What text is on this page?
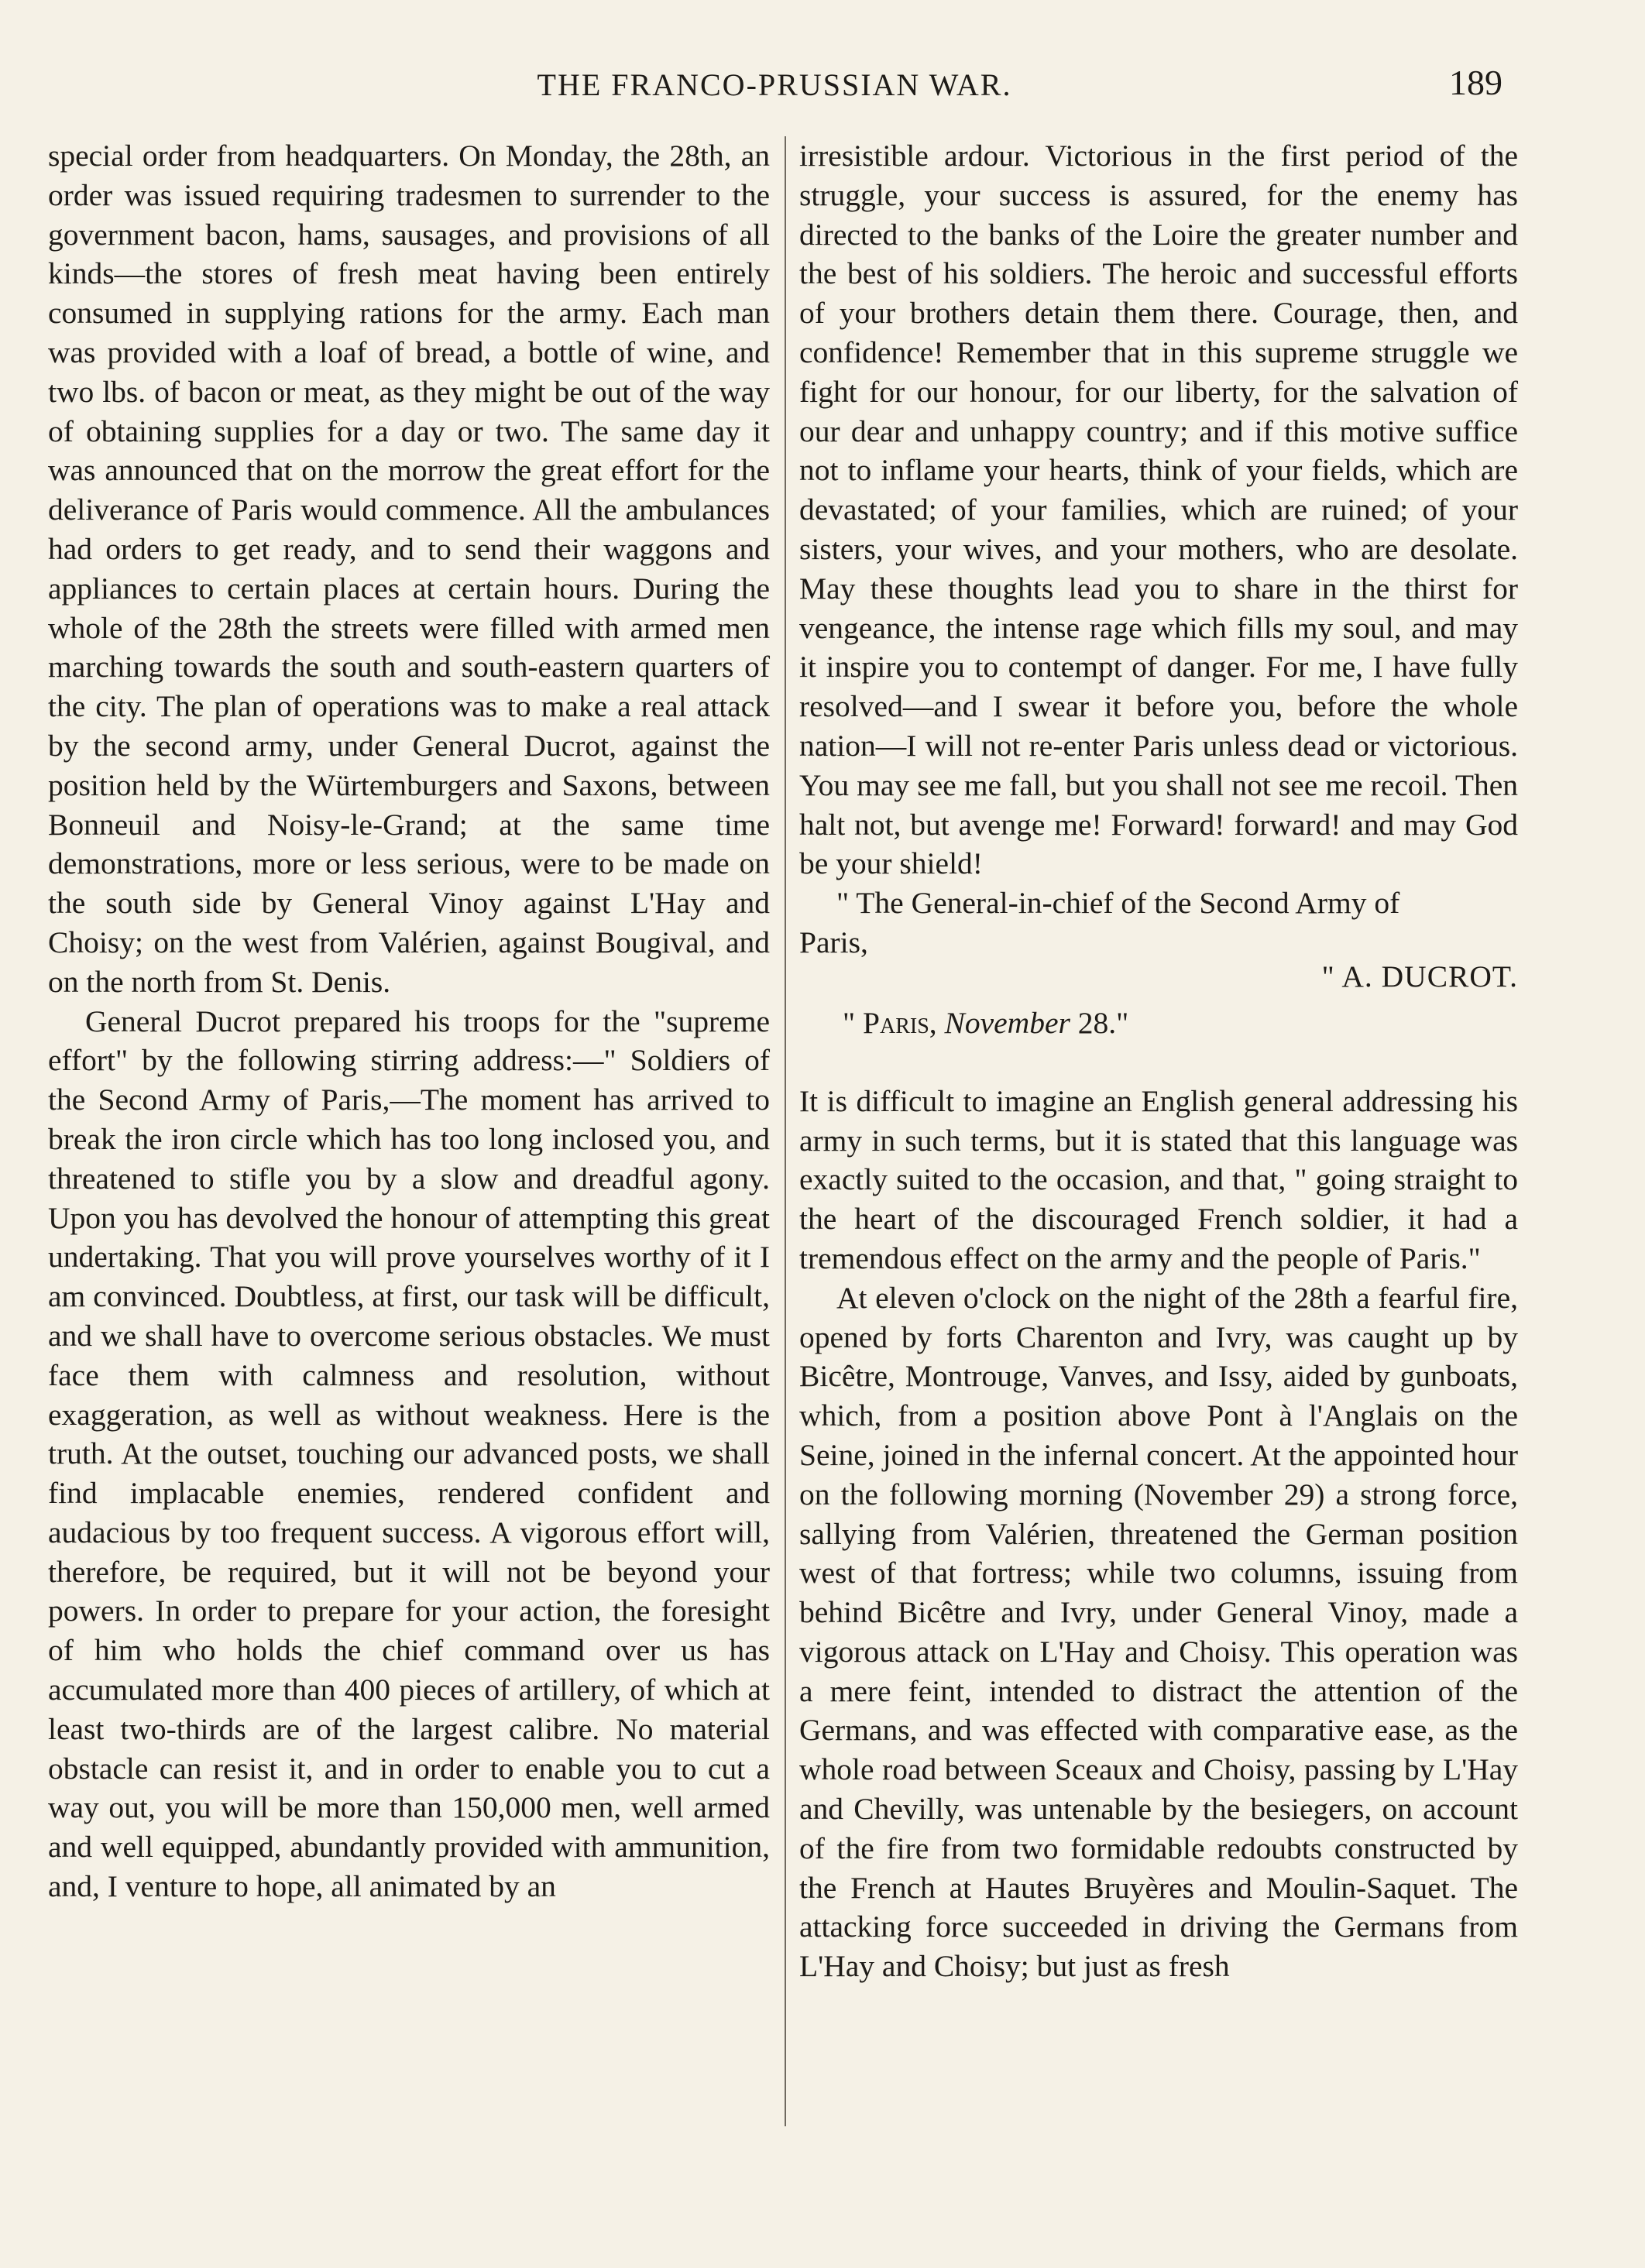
THE FRANCO-PRUSSIAN WAR.	189

special order from headquarters. On Monday, the 28th, an order was issued requiring tradesmen to surrender to the government bacon, hams, sausages, and provisions of all kinds—the stores of fresh meat having been entirely consumed in supplying rations for the army. Each man was provided with a loaf of bread, a bottle of wine, and two lbs. of bacon or meat, as they might be out of the way of obtaining supplies for a day or two. The same day it was announced that on the morrow the great effort for the deliverance of Paris would commence. All the ambulances had orders to get ready, and to send their waggons and appliances to certain places at certain hours. During the whole of the 28th the streets were filled with armed men marching towards the south and south-eastern quarters of the city. The plan of operations was to make a real attack by the second army, under General Ducrot, against the position held by the Würtemburgers and Saxons, between Bonneuil and Noisy-le-Grand; at the same time demonstrations, more or less serious, were to be made on the south side by General Vinoy against L'Hay and Choisy; on the west from Valérien, against Bougival, and on the north from St. Denis.

General Ducrot prepared his troops for the "supreme effort" by the following stirring address:—" Soldiers of the Second Army of Paris,—The moment has arrived to break the iron circle which has too long inclosed you, and threatened to stifle you by a slow and dreadful agony. Upon you has devolved the honour of attempting this great undertaking. That you will prove yourselves worthy of it I am convinced. Doubtless, at first, our task will be difficult, and we shall have to overcome serious obstacles. We must face them with calmness and resolution, without exaggeration, as well as without weakness. Here is the truth. At the outset, touching our advanced posts, we shall find implacable enemies, rendered confident and audacious by too frequent success. A vigorous effort will, therefore, be required, but it will not be beyond your powers. In order to prepare for your action, the foresight of him who holds the chief command over us has accumulated more than 400 pieces of artillery, of which at least two-thirds are of the largest calibre. No material obstacle can resist it, and in order to enable you to cut a way out, you will be more than 150,000 men, well armed and well equipped, abundantly provided with ammunition, and, I venture to hope, all animated by an

irresistible ardour. Victorious in the first period of the struggle, your success is assured, for the enemy has directed to the banks of the Loire the greater number and the best of his soldiers. The heroic and successful efforts of your brothers detain them there. Courage, then, and confidence! Remember that in this supreme struggle we fight for our honour, for our liberty, for the salvation of our dear and unhappy country; and if this motive suffice not to inflame your hearts, think of your fields, which are devastated; of your families, which are ruined; of your sisters, your wives, and your mothers, who are desolate. May these thoughts lead you to share in the thirst for vengeance, the intense rage which fills my soul, and may it inspire you to contempt of danger. For me, I have fully resolved—and I swear it before you, before the whole nation—I will not re-enter Paris unless dead or victorious. You may see me fall, but you shall not see me recoil. Then halt not, but avenge me! Forward! forward! and may God be your shield!

" The General-in-chief of the Second Army of

Paris,
" A. DUCROT.

" Paris, November 28."

It is difficult to imagine an English general addressing his army in such terms, but it is stated that this language was exactly suited to the occasion, and that, " going straight to the heart of the discouraged French soldier, it had a tremendous effect on the army and the people of Paris."

At eleven o'clock on the night of the 28th a fearful fire, opened by forts Charenton and Ivry, was caught up by Bicêtre, Montrouge, Vanves, and Issy, aided by gunboats, which, from a position above Pont à l'Anglais on the Seine, joined in the infernal concert. At the appointed hour on the following morning (November 29) a strong force, sallying from Valérien, threatened the German position west of that fortress; while two columns, issuing from behind Bicêtre and Ivry, under General Vinoy, made a vigorous attack on L'Hay and Choisy. This operation was a mere feint, intended to distract the attention of the Germans, and was effected with comparative ease, as the whole road between Sceaux and Choisy, passing by L'Hay and Chevilly, was untenable by the besiegers, on account of the fire from two formidable redoubts constructed by the French at Hautes Bruyères and Moulin-Saquet. The attacking force succeeded in driving the Germans from L'Hay and Choisy; but just as fresh
